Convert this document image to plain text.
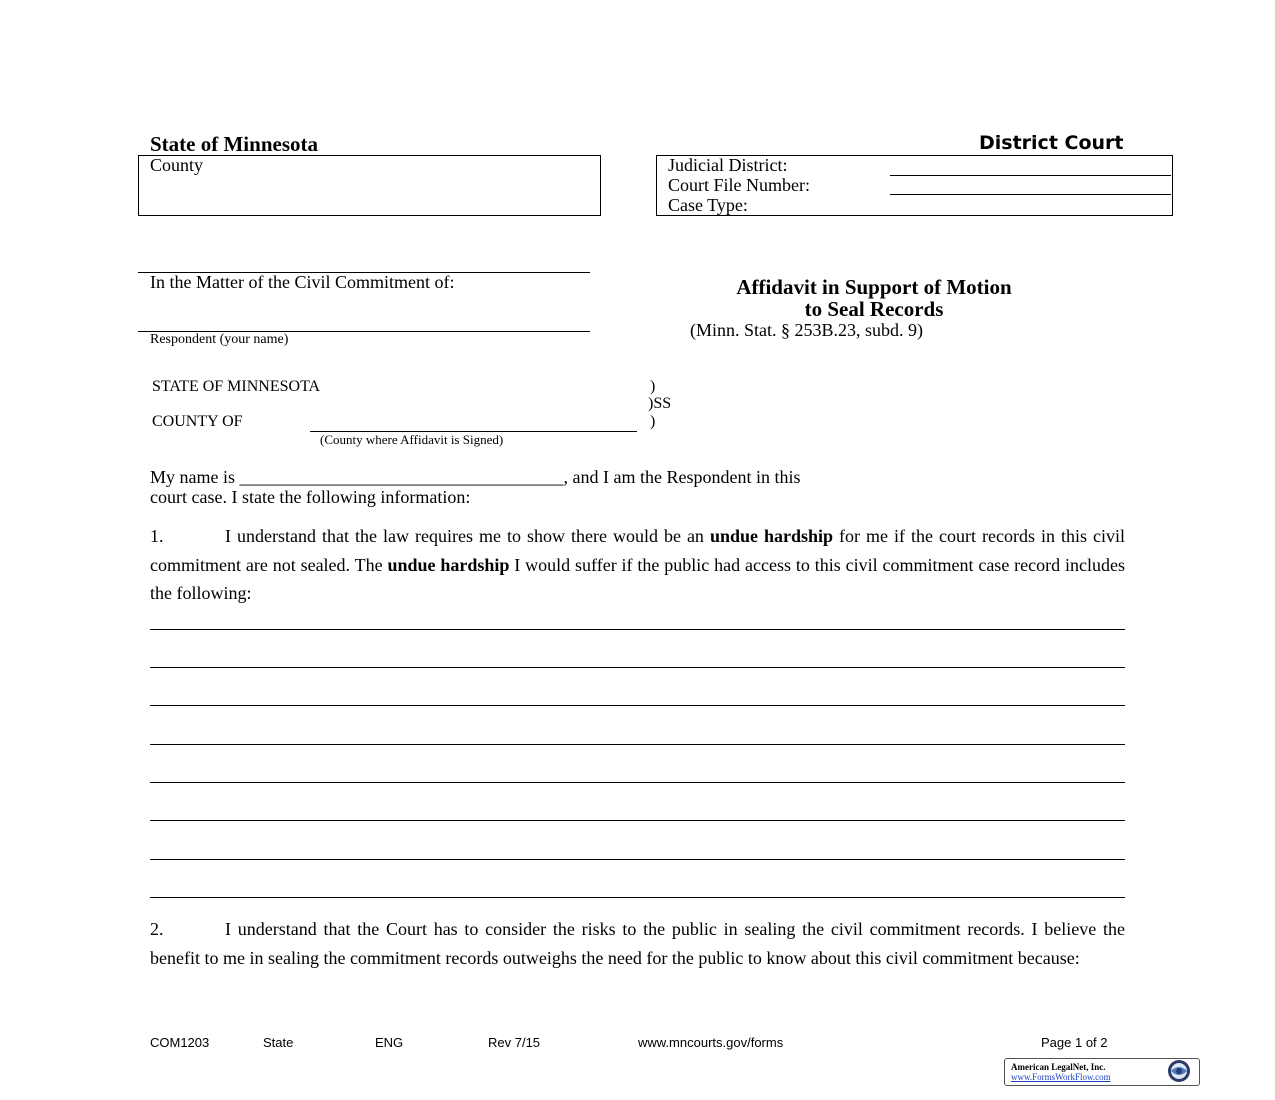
State of Minnesota	District Court
County	Judicial District:
Court File Number:
Case Type:
In the Matter of the Civil Commitment of:
Respondent (your name)
Affidavit in Support of Motion
to Seal Records
(Minn. Stat. § 253B.23, subd. 9)
STATE OF MINNESOTA
COUNTY OF
(County where Affidavit is Signed)
)
)SS
)
My name is ____________________________________, and I am the Respondent in this
court case. I state the following information:
1.	I understand that the law requires me to show there would be an undue hardship for me if the court records in this civil commitment are not sealed. The undue hardship I would suffer if the public had access to this civil commitment case record includes the following:
2.	I understand that the Court has to consider the risks to the public in sealing the civil commitment records. I believe the benefit to me in sealing the commitment records outweighs the need for the public to know about this civil commitment because:
COM1203	State	ENG	Rev 7/15	www.mncourts.gov/forms	Page 1 of 2
American LegalNet, Inc.
www.FormsWorkFlow.com
